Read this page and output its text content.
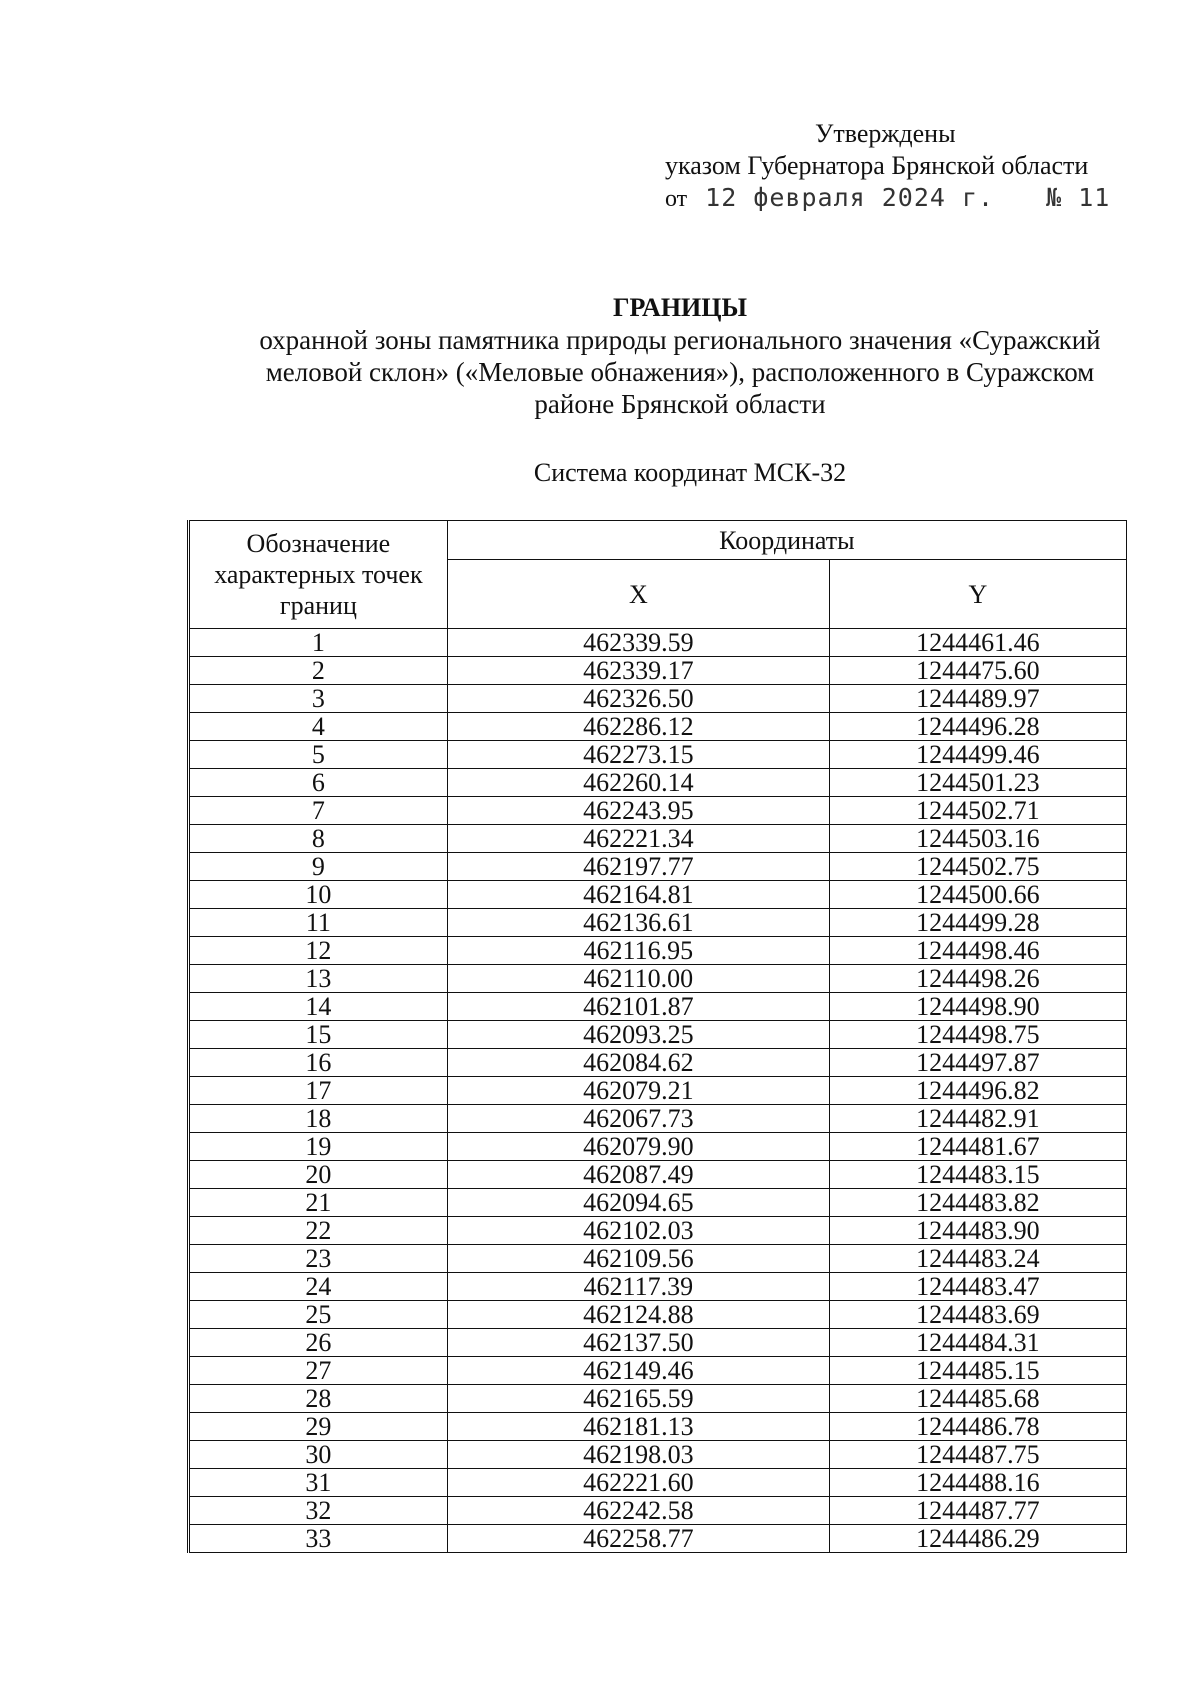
Утверждены
указом Губернатора Брянской области
от 12 февраля 2024 г. № 11
ГРАНИЦЫ
охранной зоны памятника природы регионального значения «Суражский
меловой склон» («Меловые обнажения»), расположенного в Суражском
районе Брянской области
Система координат МСК-32
Обозначение характерных точек границ	Координаты	
	X	Y
1	462339.59	1244461.46
2	462339.17	1244475.60
3	462326.50	1244489.97
4	462286.12	1244496.28
5	462273.15	1244499.46
6	462260.14	1244501.23
7	462243.95	1244502.71
8	462221.34	1244503.16
9	462197.77	1244502.75
10	462164.81	1244500.66
11	462136.61	1244499.28
12	462116.95	1244498.46
13	462110.00	1244498.26
14	462101.87	1244498.90
15	462093.25	1244498.75
16	462084.62	1244497.87
17	462079.21	1244496.82
18	462067.73	1244482.91
19	462079.90	1244481.67
20	462087.49	1244483.15
21	462094.65	1244483.82
22	462102.03	1244483.90
23	462109.56	1244483.24
24	462117.39	1244483.47
25	462124.88	1244483.69
26	462137.50	1244484.31
27	462149.46	1244485.15
28	462165.59	1244485.68
29	462181.13	1244486.78
30	462198.03	1244487.75
31	462221.60	1244488.16
32	462242.58	1244487.77
33	462258.77	1244486.29
